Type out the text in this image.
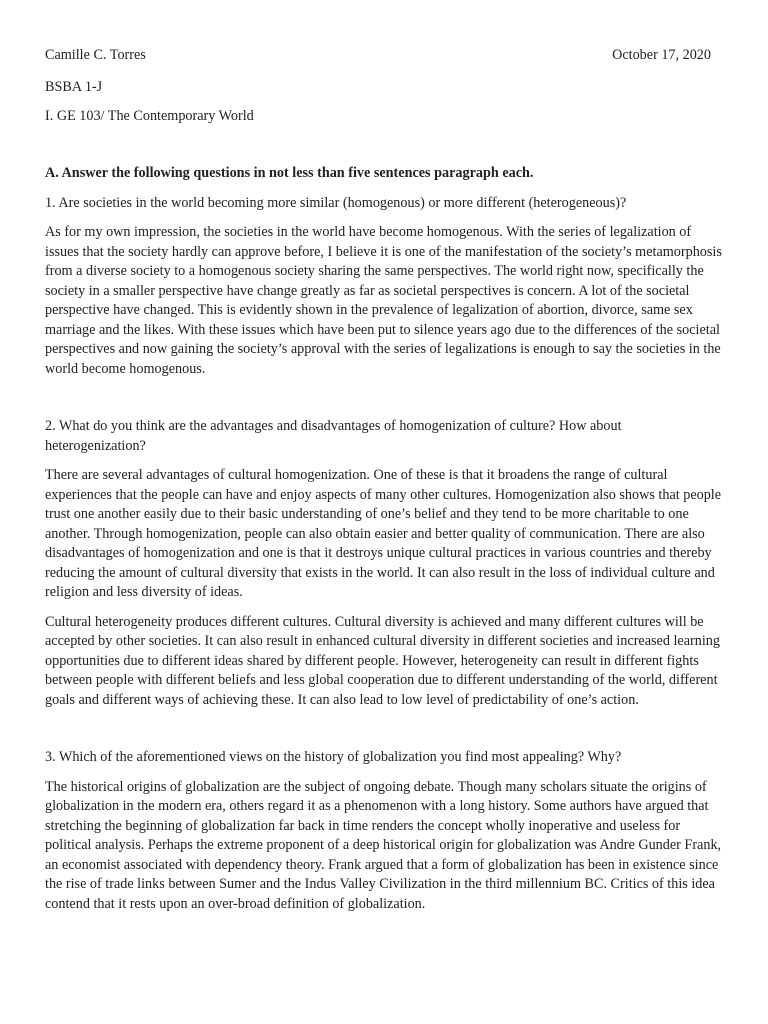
Camille C. Torres	October 17, 2020
BSBA 1-J
I. GE 103/ The Contemporary World

A. Answer the following questions in not less than five sentences paragraph each.

1. Are societies in the world becoming more similar (homogenous) or more different (heterogeneous)?

As for my own impression, the societies in the world have become homogenous. With the series of legalization of issues that the society hardly can approve before, I believe it is one of the manifestation of the society’s metamorphosis from a diverse society to a homogenous society sharing the same perspectives. The world right now, specifically the society in a smaller perspective have change greatly as far as societal perspectives is concern. A lot of the societal perspective have changed. This is evidently shown in the prevalence of legalization of abortion, divorce, same sex marriage and the likes. With these issues which have been put to silence years ago due to the differences of the societal perspectives and now gaining the society’s approval with the series of legalizations is enough to say the societies in the world become homogenous.

2. What do you think are the advantages and disadvantages of homogenization of culture? How about heterogenization?

There are several advantages of cultural homogenization. One of these is that it broadens the range of cultural experiences that the people can have and enjoy aspects of many other cultures. Homogenization also shows that people trust one another easily due to their basic understanding of one’s belief and they tend to be more charitable to one another. Through homogenization, people can also obtain easier and better quality of communication. There are also disadvantages of homogenization and one is that it destroys unique cultural practices in various countries and thereby reducing the amount of cultural diversity that exists in the world. It can also result in the loss of individual culture and religion and less diversity of ideas.

Cultural heterogeneity produces different cultures. Cultural diversity is achieved and many different cultures will be accepted by other societies. It can also result in enhanced cultural diversity in different societies and increased learning opportunities due to different ideas shared by different people. However, heterogeneity can result in different fights between people with different beliefs and less global cooperation due to different understanding of the world, different goals and different ways of achieving these. It can also lead to low level of predictability of one’s action.

3. Which of the aforementioned views on the history of globalization you find most appealing? Why?

The historical origins of globalization are the subject of ongoing debate. Though many scholars situate the origins of globalization in the modern era, others regard it as a phenomenon with a long history. Some authors have argued that stretching the beginning of globalization far back in time renders the concept wholly inoperative and useless for political analysis. Perhaps the extreme proponent of a deep historical origin for globalization was Andre Gunder Frank, an economist associated with dependency theory. Frank argued that a form of globalization has been in existence since the rise of trade links between Sumer and the Indus Valley Civilization in the third millennium BC. Critics of this idea contend that it rests upon an over-broad definition of globalization.
